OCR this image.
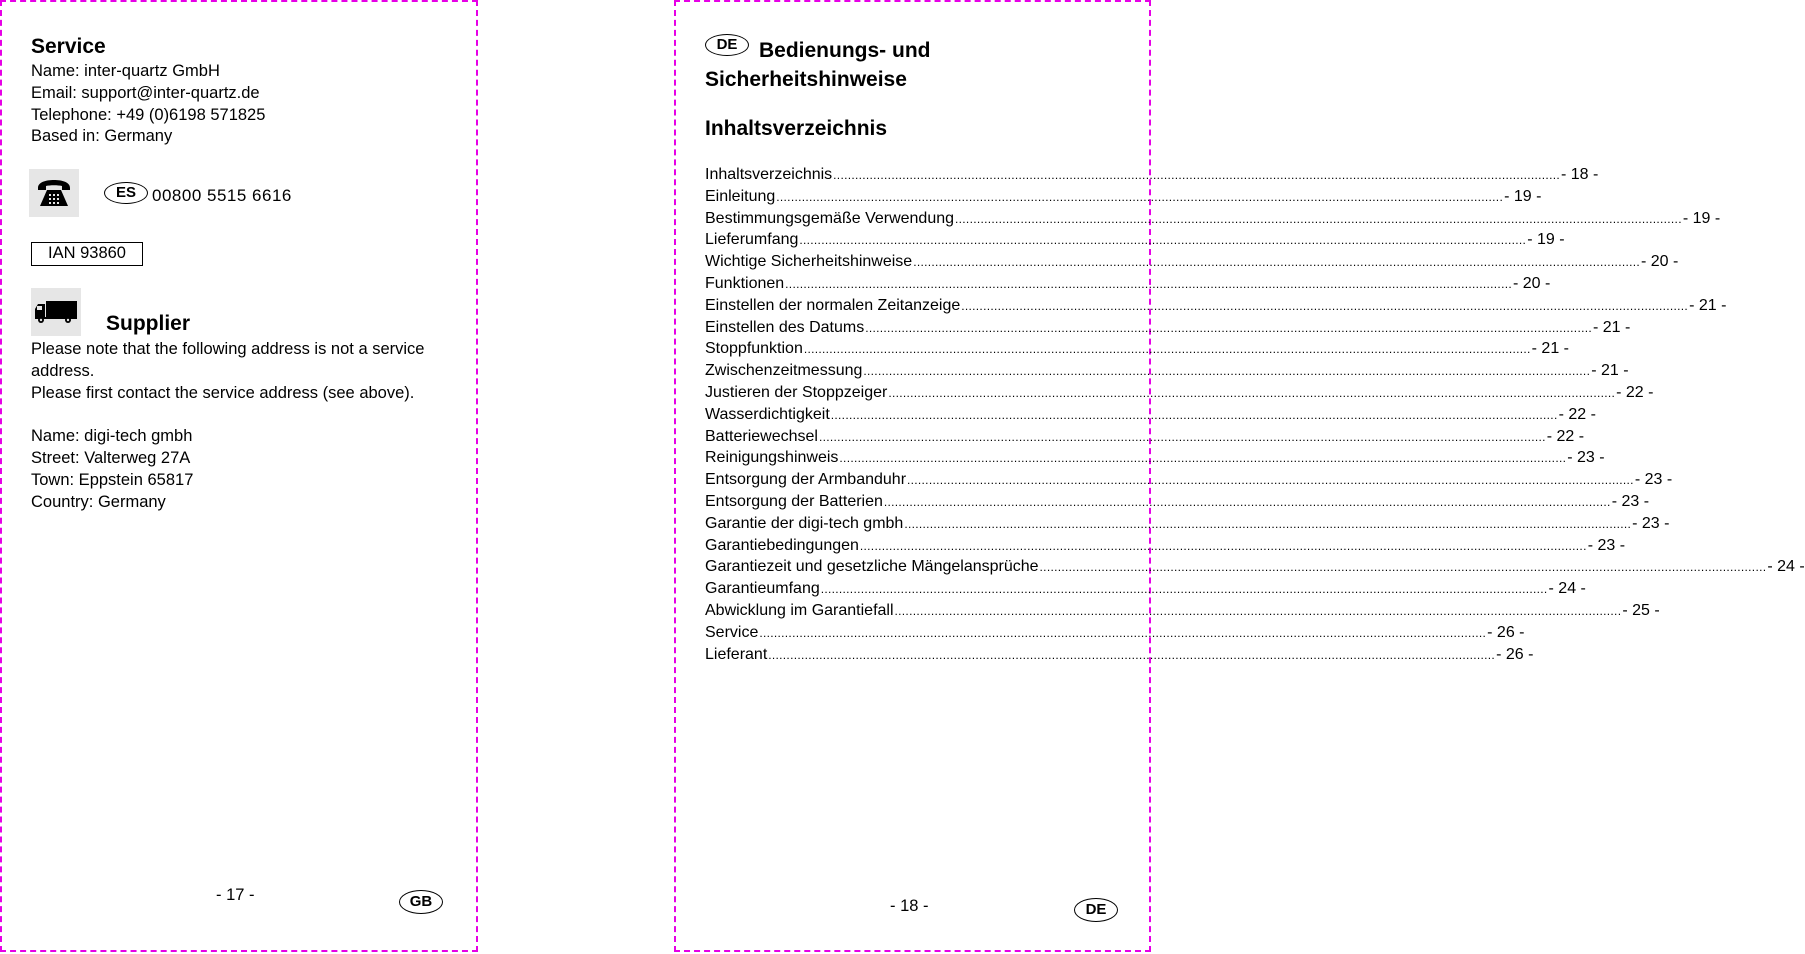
Service
Name: inter-quartz GmbH
Email: support@inter-quartz.de
Telephone: +49 (0)6198 571825
Based in: Germany
ES 00800 5515 6616
IAN 93860
Supplier
Please note that the following address is not a service address.
Please first contact the service address (see above).
Name: digi-tech gmbh
Street: Valterweg 27A
Town: Eppstein 65817
Country: Germany
- 17 -	GB
DE	Bedienungs- und
Sicherheitshinweise
Inhaltsverzeichnis
Inhaltsverzeichnis ........................................................................................................................................................................................................ - 18 -
Einleitung ........................................................................................................................................................................................................ - 19 -
Bestimmungsgemäße Verwendung ........................................................................................................................................................................................................ - 19 -
Lieferumfang ........................................................................................................................................................................................................ - 19 -
Wichtige Sicherheitshinweise ........................................................................................................................................................................................................ - 20 -
Funktionen ........................................................................................................................................................................................................ - 20 -
Einstellen der normalen Zeitanzeige ........................................................................................................................................................................................................ - 21 -
Einstellen des Datums ........................................................................................................................................................................................................ - 21 -
Stoppfunktion ........................................................................................................................................................................................................ - 21 -
Zwischenzeitmessung ........................................................................................................................................................................................................ - 21 -
Justieren der Stoppzeiger ........................................................................................................................................................................................................ - 22 -
Wasserdichtigkeit ........................................................................................................................................................................................................ - 22 -
Batteriewechsel ........................................................................................................................................................................................................ - 22 -
Reinigungshinweis ........................................................................................................................................................................................................ - 23 -
Entsorgung der Armbanduhr ........................................................................................................................................................................................................ - 23 -
Entsorgung der Batterien ........................................................................................................................................................................................................ - 23 -
Garantie der digi-tech gmbh ........................................................................................................................................................................................................ - 23 -
Garantiebedingungen ........................................................................................................................................................................................................ - 23 -
Garantiezeit und gesetzliche Mängelansprüche ........................................................................................................................................................................................................ - 24 -
Garantieumfang ........................................................................................................................................................................................................ - 24 -
Abwicklung im Garantiefall ........................................................................................................................................................................................................ - 25 -
Service ........................................................................................................................................................................................................ - 26 -
Lieferant ........................................................................................................................................................................................................ - 26 -
- 18 -	DE
